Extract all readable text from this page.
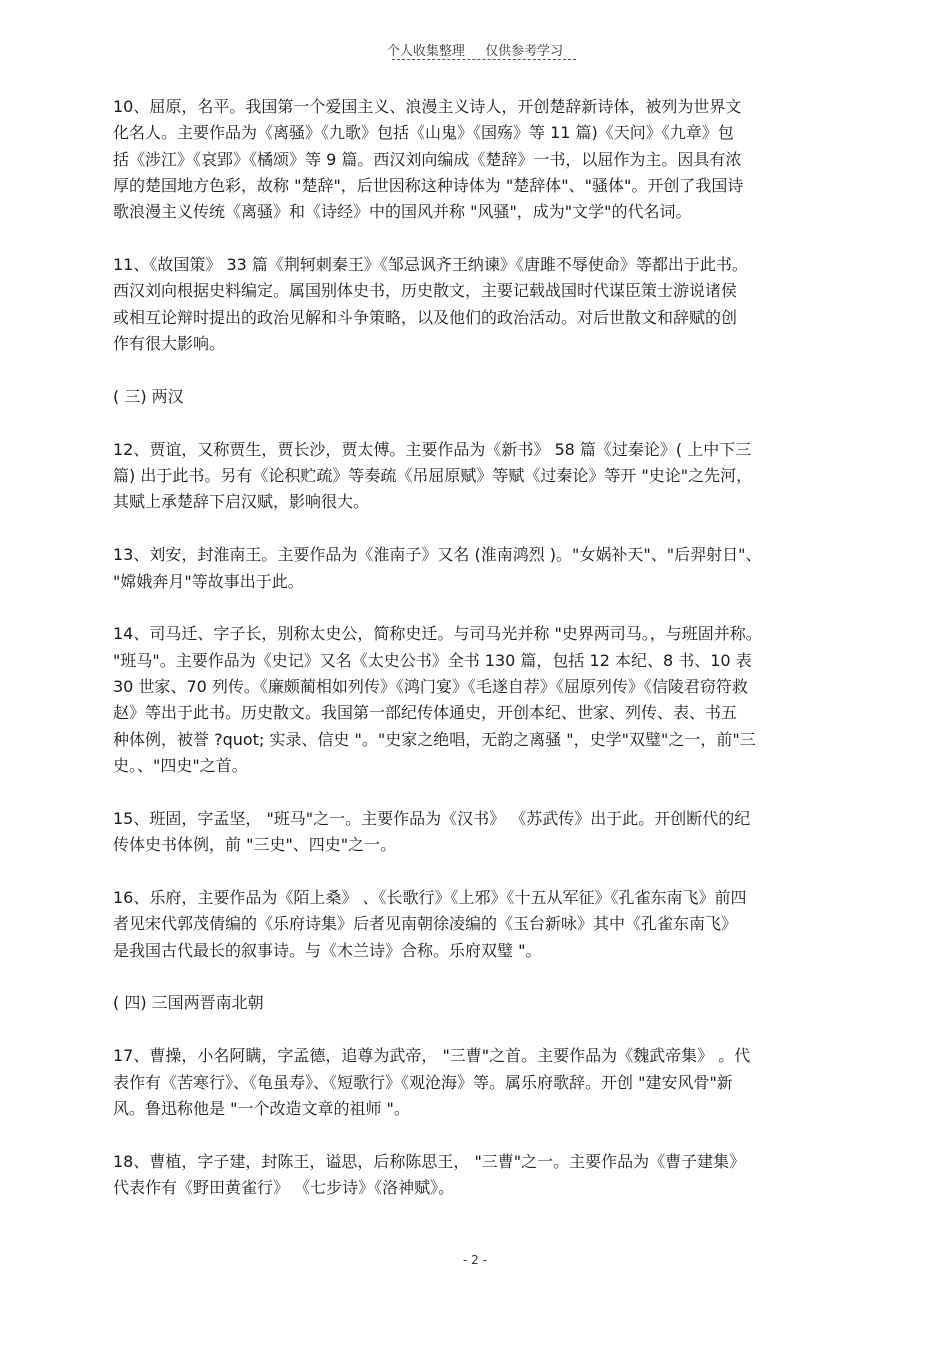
个人收集整理 仅供参考学习
10、屈原，名平。我国第一个爱国主义、浪漫主义诗人，开创楚辞新诗体，被列为世界文
化名人。主要作品为《离骚》《九歌》包括《山鬼》《国殇》等 11 篇)《天问》《九章》包
括《涉江》《哀郢》《橘颂》等 9 篇。西汉刘向编成《楚辞》一书，以屈作为主。因具有浓
厚的楚国地方色彩，故称 "楚辞"，后世因称这种诗体为 "楚辞体"、"骚体"。开创了我国诗
歌浪漫主义传统《离骚》和《诗经》中的国风并称 "风骚"，成为"文学"的代名词。
11、《故国策》 33 篇《荆轲刺秦王》《邹忌讽齐王纳谏》《唐雎不辱使命》等都出于此书。
西汉刘向根据史料编定。属国别体史书，历史散文，主要记载战国时代谋臣策士游说诸侯
或相互论辩时提出的政治见解和斗争策略，以及他们的政治活动。对后世散文和辞赋的创
作有很大影响。
( 三) 两汉
12、贾谊，又称贾生，贾长沙，贾太傅。主要作品为《新书》 58 篇《过秦论》( 上中下三
篇) 出于此书。另有《论积贮疏》等奏疏《吊屈原赋》等赋《过秦论》等开 "史论"之先河，
其赋上承楚辞下启汉赋，影响很大。
13、刘安，封淮南王。主要作品为《淮南子》又名 (淮南鸿烈 )。"女娲补天"、"后羿射日"、
"嫦娥奔月"等故事出于此。
14、司马迁、字子长，别称太史公，简称史迁。与司马光并称 "史界两司马。，与班固并称。
"班马"。主要作品为《史记》又名《太史公书》全书 130 篇，包括 12 本纪、8 书、10 表
30 世家、70 列传。《廉颇蔺相如列传》《鸿门宴》《毛遂自荐》《屈原列传》《信陵君窃符救
赵》等出于此书。历史散文。我国第一部纪传体通史，开创本纪、世家、列传、表、书五
种体例，被誉 ?quot; 实录、信史 "。"史家之绝唱，无韵之离骚 "，史学"双璧"之一，前"三
史。、"四史"之首。
15、班固，字孟坚， "班马"之一。主要作品为《汉书》 《苏武传》出于此。开创断代的纪
传体史书体例，前 "三史"、四史"之一。
16、乐府，主要作品为《陌上桑》 、《长歌行》《上邪》《十五从军征》《孔雀东南飞》前四
者见宋代郭茂倩编的《乐府诗集》后者见南朝徐凌编的《玉台新咏》其中《孔雀东南飞》
是我国古代最长的叙事诗。与《木兰诗》合称。乐府双璧 "。
( 四) 三国两晋南北朝
17、曹操，小名阿瞒，字孟德，追尊为武帝， "三曹"之首。主要作品为《魏武帝集》 。代
表作有《苦寒行》、《龟虽寿》、《短歌行》《观沧海》等。属乐府歌辞。开创 "建安风骨"新
风。鲁迅称他是 "一个改造文章的祖师 "。
18、曹植，字子建，封陈王，谥思，后称陈思王， "三曹"之一。主要作品为《曹子建集》
代表作有《野田黄雀行》 《七步诗》《洛神赋》。
- 2 -
